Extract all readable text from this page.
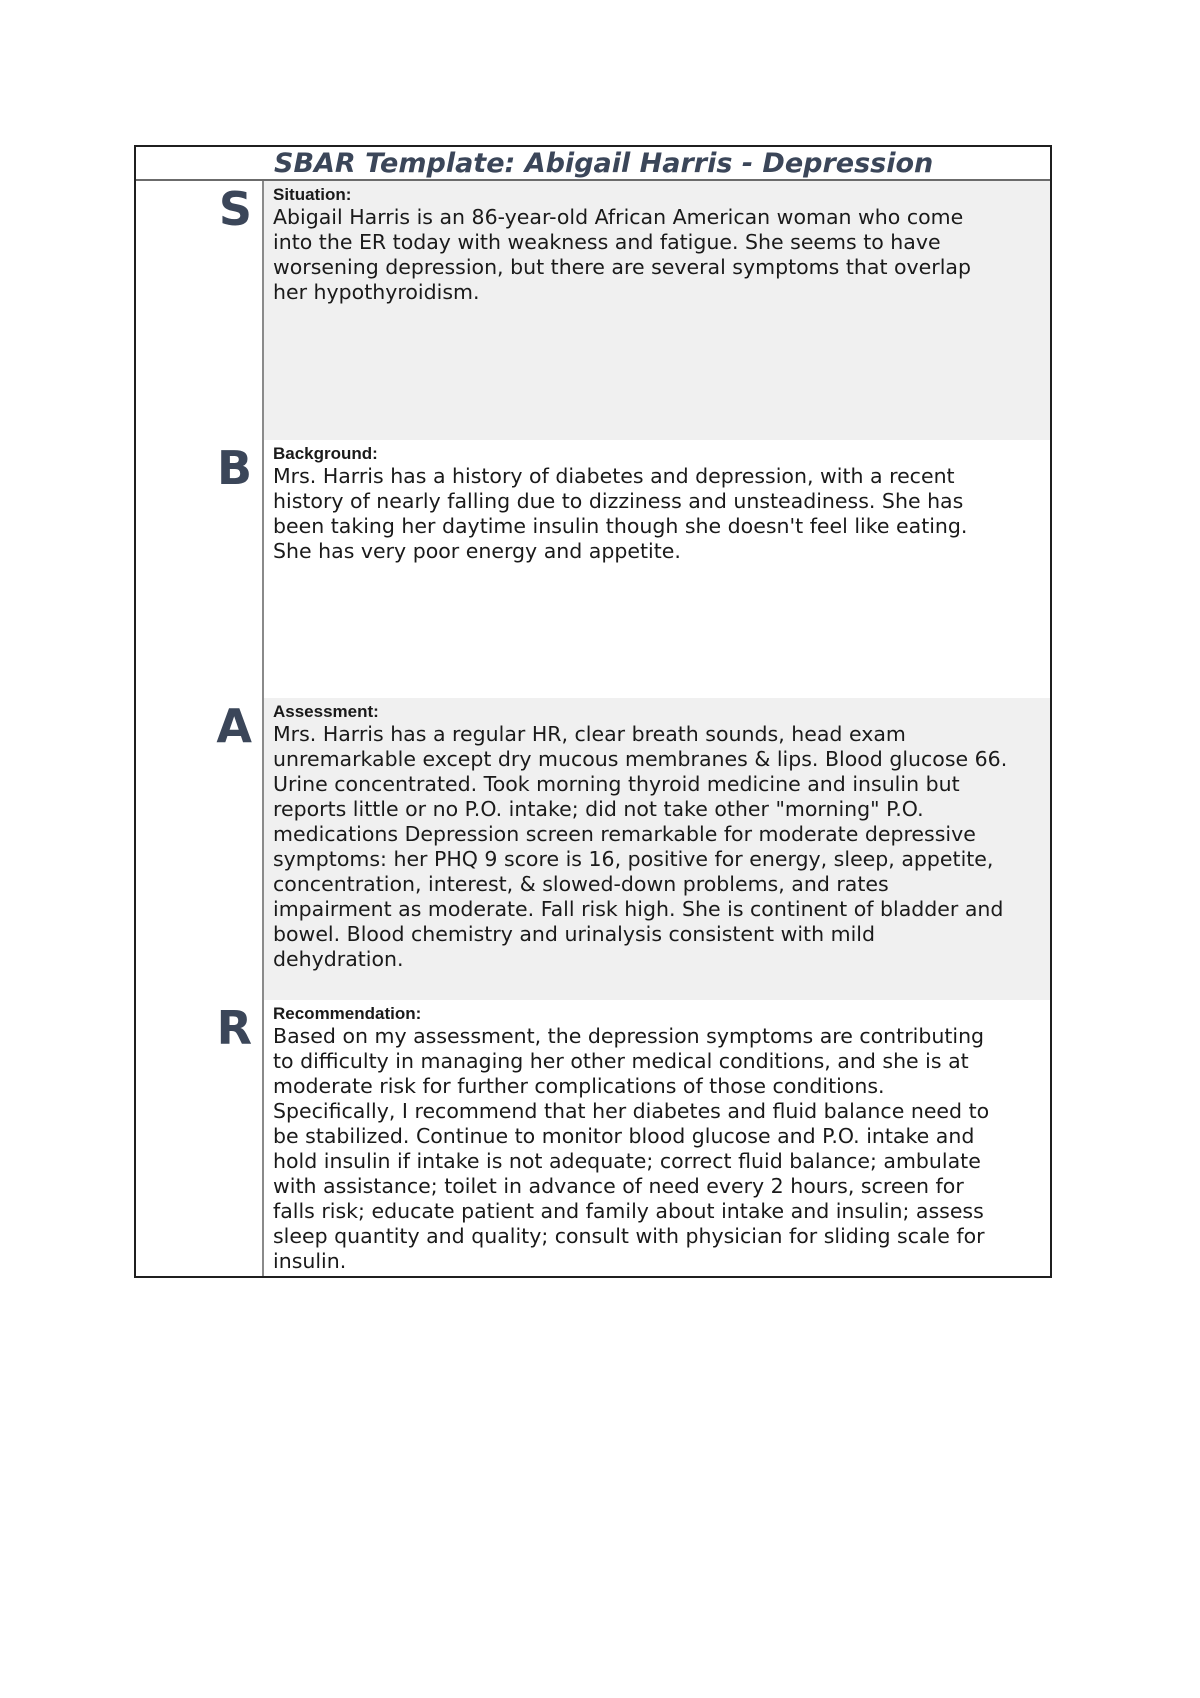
SBAR Template: Abigail Harris - Depression
S Situation:
Abigail Harris is an 86-year-old African American woman who come
into the ER today with weakness and fatigue. She seems to have
worsening depression, but there are several symptoms that overlap
her hypothyroidism.
B Background:
Mrs. Harris has a history of diabetes and depression, with a recent
history of nearly falling due to dizziness and unsteadiness. She has
been taking her daytime insulin though she doesn't feel like eating.
She has very poor energy and appetite.
A Assessment:
Mrs. Harris has a regular HR, clear breath sounds, head exam
unremarkable except dry mucous membranes & lips. Blood glucose 66.
Urine concentrated. Took morning thyroid medicine and insulin but
reports little or no P.O. intake; did not take other "morning" P.O.
medications Depression screen remarkable for moderate depressive
symptoms: her PHQ 9 score is 16, positive for energy, sleep, appetite,
concentration, interest, & slowed-down problems, and rates
impairment as moderate. Fall risk high. She is continent of bladder and
bowel. Blood chemistry and urinalysis consistent with mild
dehydration.
R Recommendation:
Based on my assessment, the depression symptoms are contributing
to difficulty in managing her other medical conditions, and she is at
moderate risk for further complications of those conditions.
Specifically, I recommend that her diabetes and fluid balance need to
be stabilized. Continue to monitor blood glucose and P.O. intake and
hold insulin if intake is not adequate; correct fluid balance; ambulate
with assistance; toilet in advance of need every 2 hours, screen for
falls risk; educate patient and family about intake and insulin; assess
sleep quantity and quality; consult with physician for sliding scale for
insulin.
